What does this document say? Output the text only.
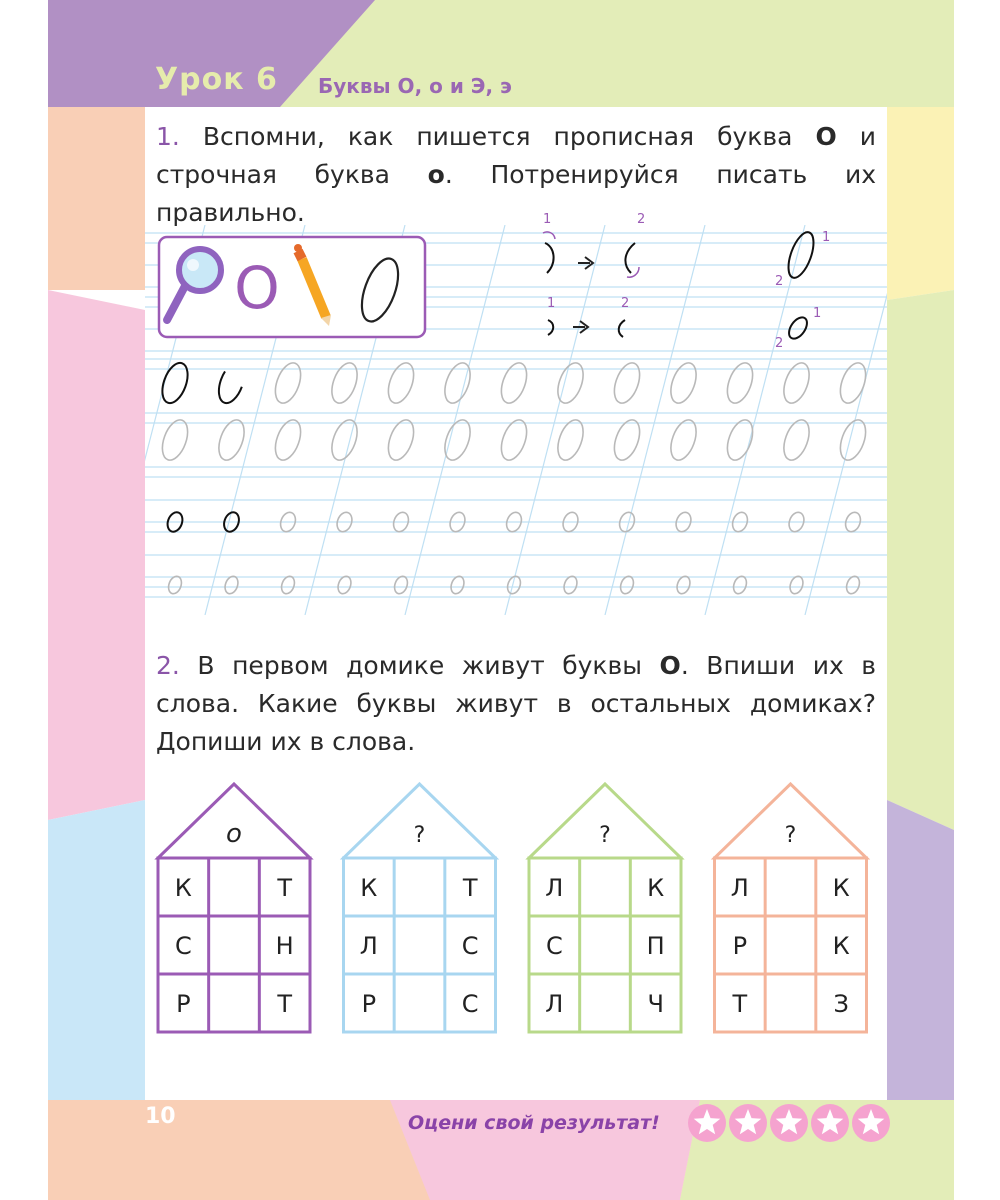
Урок 6 Буквы О, о и Э, э
1. Вспомни, как пишется прописная буква О и строчная буква о. Потренируйся писать их правильно.
О
1	2
1	2
1
2
1
2
2. В первом домике живут буквы О. Впиши их в слова. Какие буквы живут в остальных домиках? Допиши их в слова.
о
К	Т
С	Н
Р	Т
?
К	Т
Л	С
Р	С
?
Л	К
С	П
Л	Ч
?
Л	К
Р	К
Т	З
10	Оцени свой результат!
